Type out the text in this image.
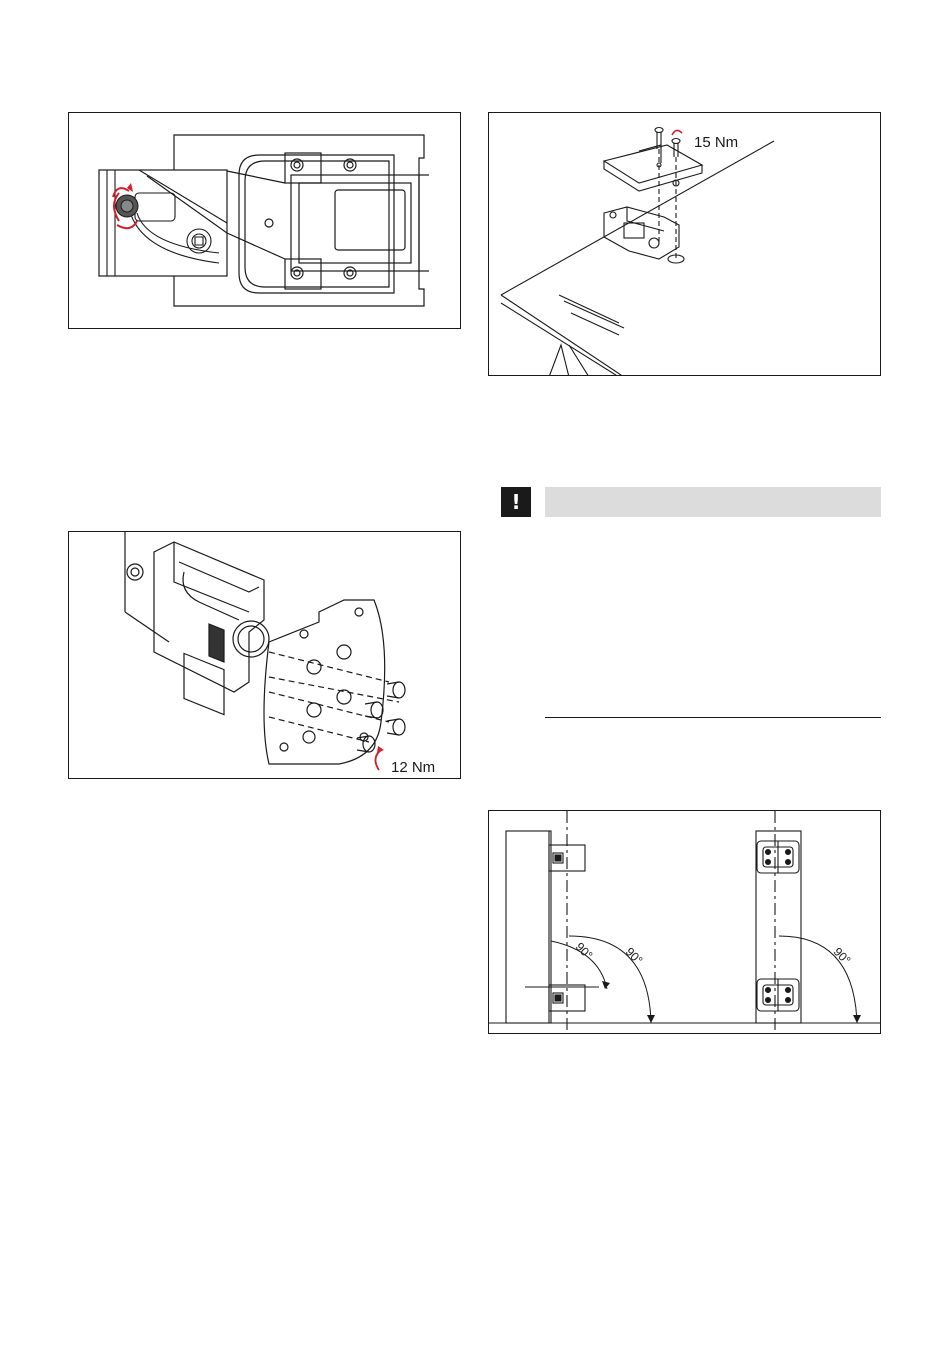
12 Nm
15 Nm
!
90° 90°	90°
